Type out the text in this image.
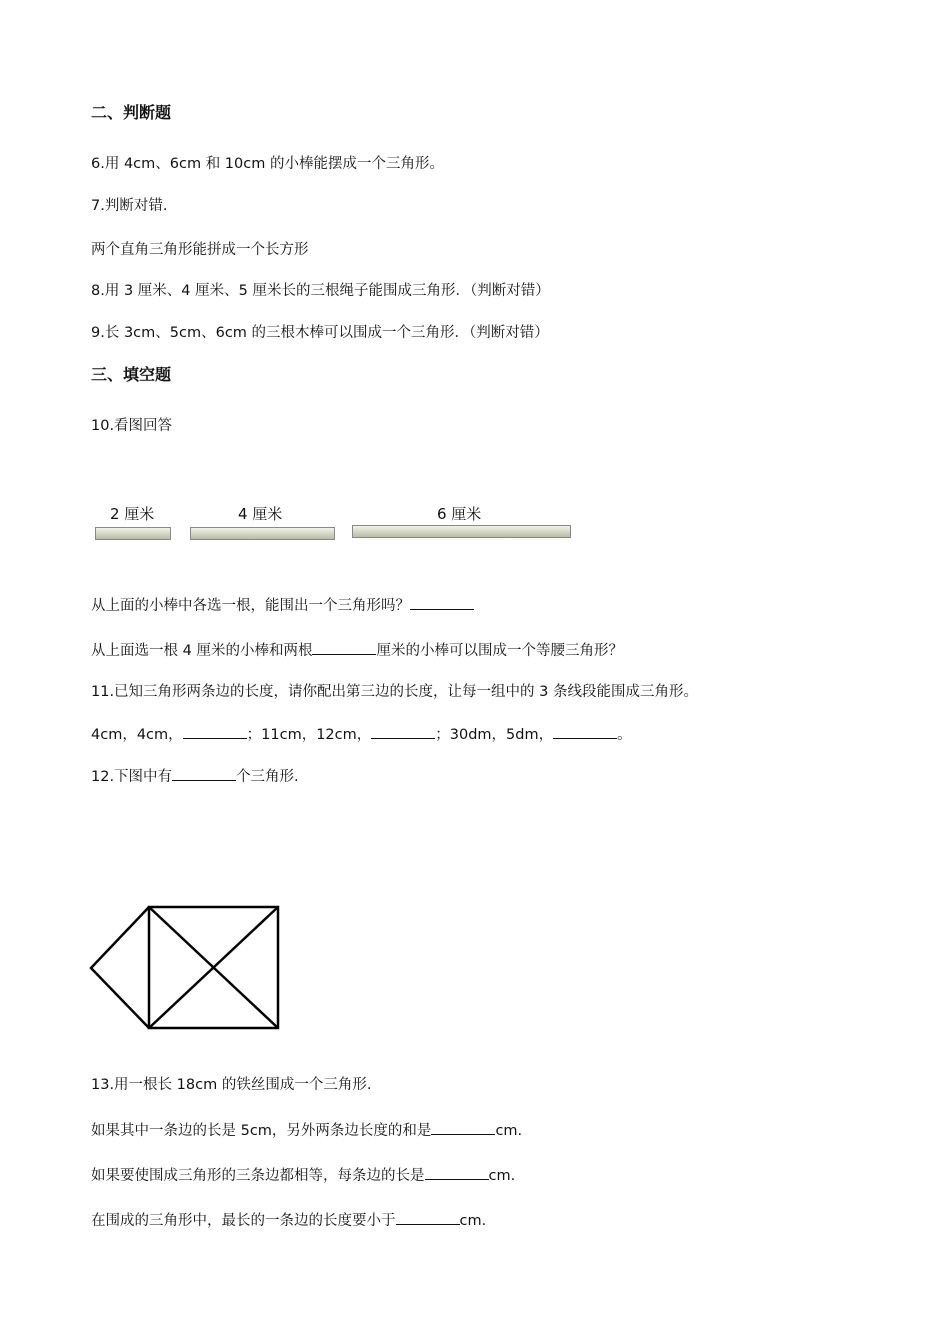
二、判断题
6.用 4cm、6cm 和 10cm 的小棒能摆成一个三角形。
7.判断对错.
两个直角三角形能拼成一个长方形
8.用 3 厘米、4 厘米、5 厘米长的三根绳子能围成三角形．（判断对错）
9.长 3cm、5cm、6cm 的三根木棒可以围成一个三角形．（判断对错）
三、填空题
10.看图回答
2 厘米	4 厘米	6 厘米
从上面的小棒中各选一根，能围出一个三角形吗？
从上面选一根 4 厘米的小棒和两根	厘米的小棒可以围成一个等腰三角形？
11.已知三角形两条边的长度，请你配出第三边的长度，让每一组中的 3 条线段能围成三角形。
4cm，4cm，	；11cm，12cm，	；30dm，5dm，	。
12.下图中有	个三角形.
13.用一根长 18cm 的铁丝围成一个三角形.
如果其中一条边的长是 5cm，另外两条边长度的和是	cm.
如果要使围成三角形的三条边都相等，每条边的长是	cm.
在围成的三角形中，最长的一条边的长度要小于	cm.
